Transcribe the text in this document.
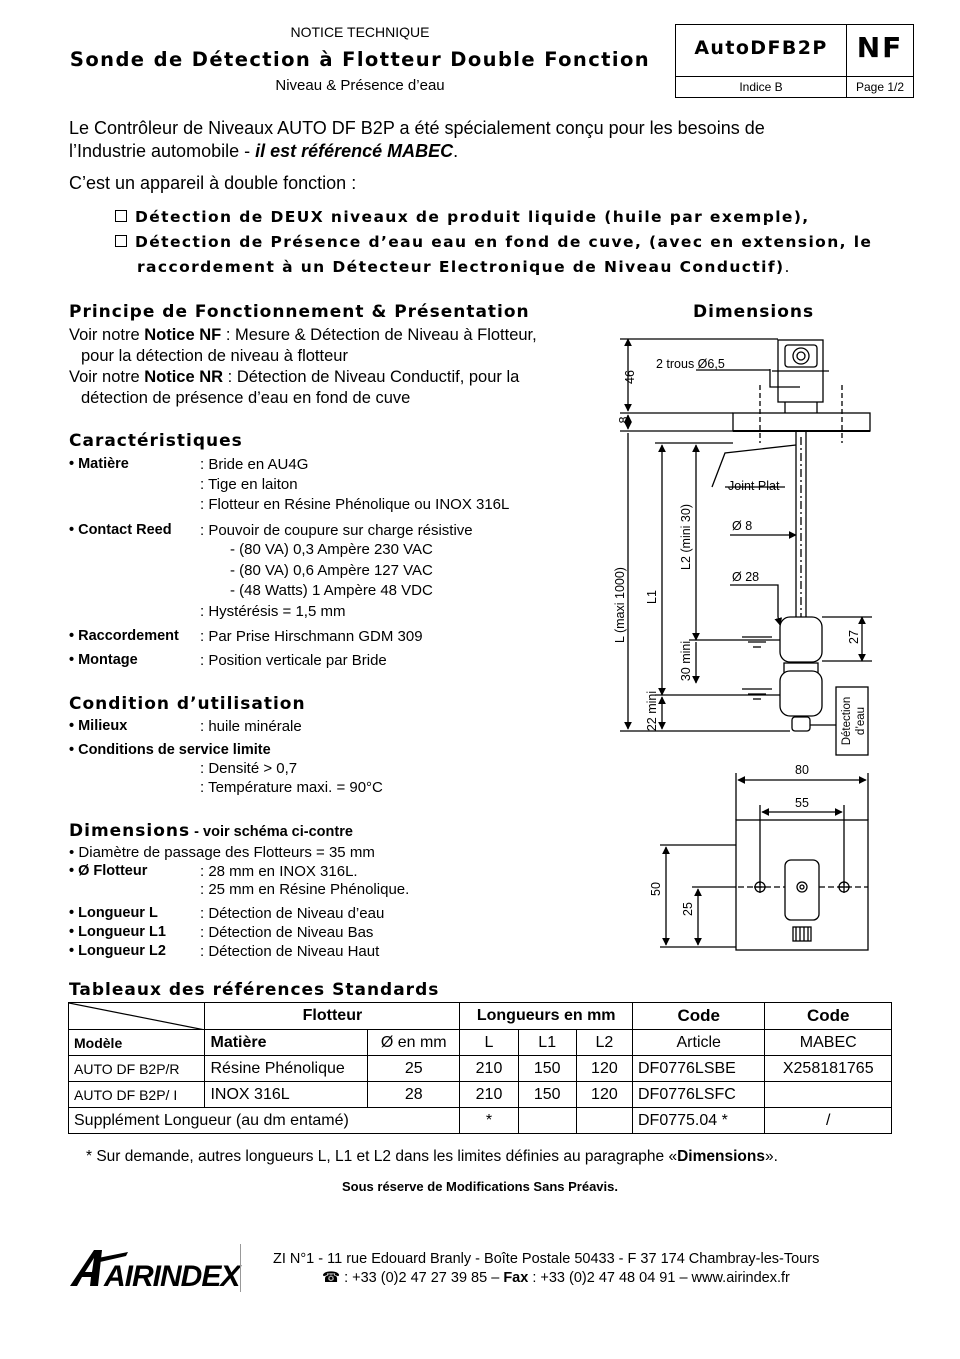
NOTICE TECHNIQUE
Sonde de Détection à Flotteur Double Fonction
Niveau & Présence d’eau
AutoDFB2P	NF
Indice B	Page 1/2
Le Contrôleur de Niveaux AUTO DF B2P a été spécialement conçu pour les besoins de
l’Industrie automobile - il est référencé MABEC.
C’est un appareil à double fonction :
Détection de DEUX niveaux de produit liquide (huile par exemple),
Détection de Présence d’eau eau en fond de cuve, (avec en extension, le
raccordement à un Détecteur Electronique de Niveau Conductif).
Principe de Fonctionnement & Présentation
Voir notre Notice NF : Mesure & Détection de Niveau à Flotteur,
pour la détection de niveau à flotteur
Voir notre Notice NR : Détection de Niveau Conductif, pour la
détection de présence d’eau en fond de cuve
Caractéristiques
• Matière	: Bride en AU4G
: Tige en laiton
: Flotteur en Résine Phénolique ou INOX 316L
• Contact Reed : Pouvoir de coupure sur charge résistive
- (80 VA) 0,3 Ampère 230 VAC
- (80 VA) 0,6 Ampère 127 VAC
- (48 Watts) 1 Ampère 48 VDC
: Hystérésis = 1,5 mm
• Raccordement : Par Prise Hirschmann GDM 309
• Montage	: Position verticale par Bride
Condition d’utilisation
• Milieux	: huile minérale
• Conditions de service limite
: Densité > 0,7
: Température maxi. = 90°C
Dimensions - voir schéma ci-contre
• Diamètre de passage des Flotteurs = 35 mm
• Ø Flotteur	: 28 mm en INOX 316L.
: 25 mm en Résine Phénolique.
• Longueur L	: Détection de Niveau d’eau
• Longueur L1 : Détection de Niveau Bas
• Longueur L2 : Détection de Niveau Haut
Dimensions
2 trous Ø6,5
46
8
Joint Plat
Ø 8
Ø 28
L (maxi 1000) L1
L2 (mini 30)
30 mini
22 mini
27
Détection d’eau
80
55
50
25
Tableaux des références Standards
	Flotteur		Longueurs en mm			Code	Code
Modèle	Matière	Ø en mm	L	L1	L2	Article	MABEC
AUTO DF B2P/R	Résine Phénolique	25	210	150	120	DF0776LSBE	X258181765
AUTO DF B2P/ I	INOX 316L	28	210	150	120	DF0776LSFC	
Supplément Longueur (au dm entamé)			*			DF0775.04 *	/
* Sur demande, autres longueurs L, L1 et L2 dans les limites définies au paragraphe «Dimensions».
Sous réserve de Modifications Sans Préavis.
AIRINDEX
ZI N°1 - 11 rue Edouard Branly - Boîte Postale 50433 - F 37 174 Chambray-les-Tours
☎ : +33 (0)2 47 27 39 85 – Fax : +33 (0)2 47 48 04 91 – www.airindex.fr
